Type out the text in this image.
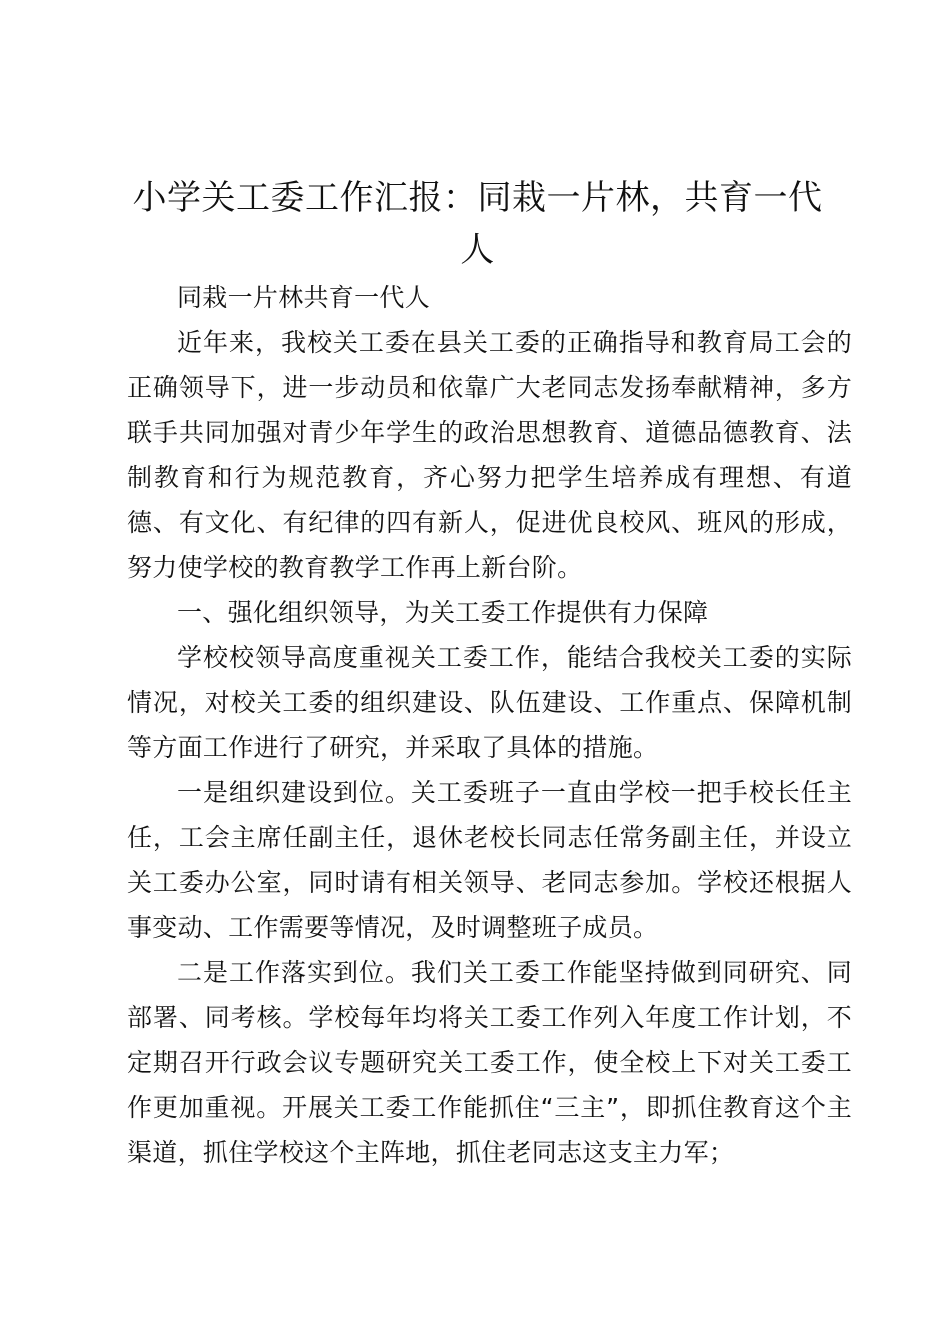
小学关工委工作汇报：同栽一片林，共育一代人

同栽一片林共育一代人

近年来，我校关工委在县关工委的正确指导和教育局工会的正确领导下，进一步动员和依靠广大老同志发扬奉献精神，多方联手共同加强对青少年学生的政治思想教育、道德品德教育、法制教育和行为规范教育，齐心努力把学生培养成有理想、有道德、有文化、有纪律的四有新人，促进优良校风、班风的形成，努力使学校的教育教学工作再上新台阶。

一、强化组织领导，为关工委工作提供有力保障

学校校领导高度重视关工委工作，能结合我校关工委的实际情况，对校关工委的组织建设、队伍建设、工作重点、保障机制等方面工作进行了研究，并采取了具体的措施。

一是组织建设到位。关工委班子一直由学校一把手校长任主任，工会主席任副主任，退休老校长同志任常务副主任，并设立关工委办公室，同时请有相关领导、老同志参加。学校还根据人事变动、工作需要等情况，及时调整班子成员。

二是工作落实到位。我们关工委工作能坚持做到同研究、同部署、同考核。学校每年均将关工委工作列入年度工作计划，不定期召开行政会议专题研究关工委工作，使全校上下对关工委工作更加重视。开展关工委工作能抓住“三主”，即抓住教育这个主渠道，抓住学校这个主阵地，抓住老同志这支主力军；
